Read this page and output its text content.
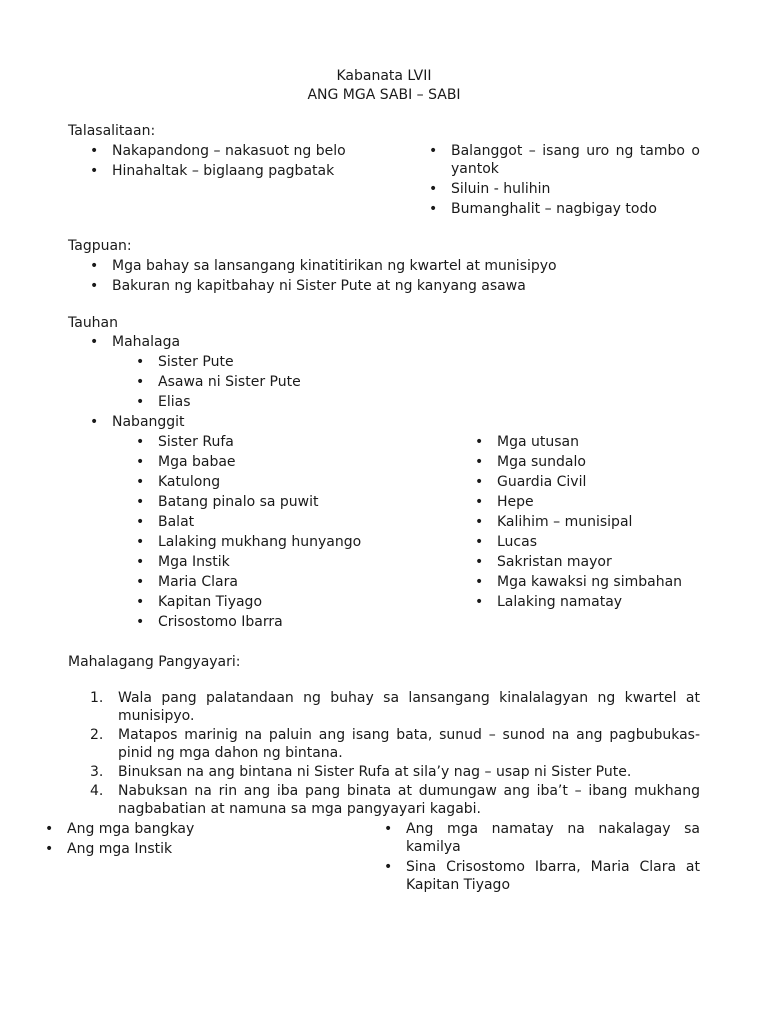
Kabanata LVII
ANG MGA SABI – SABI
Talasalitaan:
• Nakapandong – nakasuot ng belo
• Hinahaltak – biglaang pagbatak
• Balanggot – isang uro ng tambo o yantok
• Siluin - hulihin
• Bumanghalit – nagbigay todo
Tagpuan:
• Mga bahay sa lansangang kinatitirikan ng kwartel at munisipyo
• Bakuran ng kapitbahay ni Sister Pute at ng kanyang asawa
Tauhan
• Mahalaga
• Sister Pute
• Asawa ni Sister Pute
• Elias
• Nabanggit
• Sister Rufa
• Mga babae
• Katulong
• Batang pinalo sa puwit
• Balat
• Lalaking mukhang hunyango
• Mga Instik
• Maria Clara
• Kapitan Tiyago
• Crisostomo Ibarra
• Mga utusan
• Mga sundalo
• Guardia Civil
• Hepe
• Kalihim – munisipal
• Lucas
• Sakristan mayor
• Mga kawaksi ng simbahan
• Lalaking namatay
Mahalagang Pangyayari:
1. Wala pang palatandaan ng buhay sa lansangang kinalalagyan ng kwartel at munisipyo.
2. Matapos marinig na paluin ang isang bata, sunud – sunod na ang pagbubukas-pinid ng mga dahon ng bintana.
3. Binuksan na ang bintana ni Sister Rufa at sila’y nag – usap ni Sister Pute.
4. Nabuksan na rin ang iba pang binata at dumungaw ang iba’t – ibang mukhang nagbabatian at namuna sa mga pangyayari kagabi.
• Ang mga bangkay
• Ang mga Instik
• Ang mga namatay na nakalagay sa kamilya
• Sina Crisostomo Ibarra, Maria Clara at Kapitan Tiyago
